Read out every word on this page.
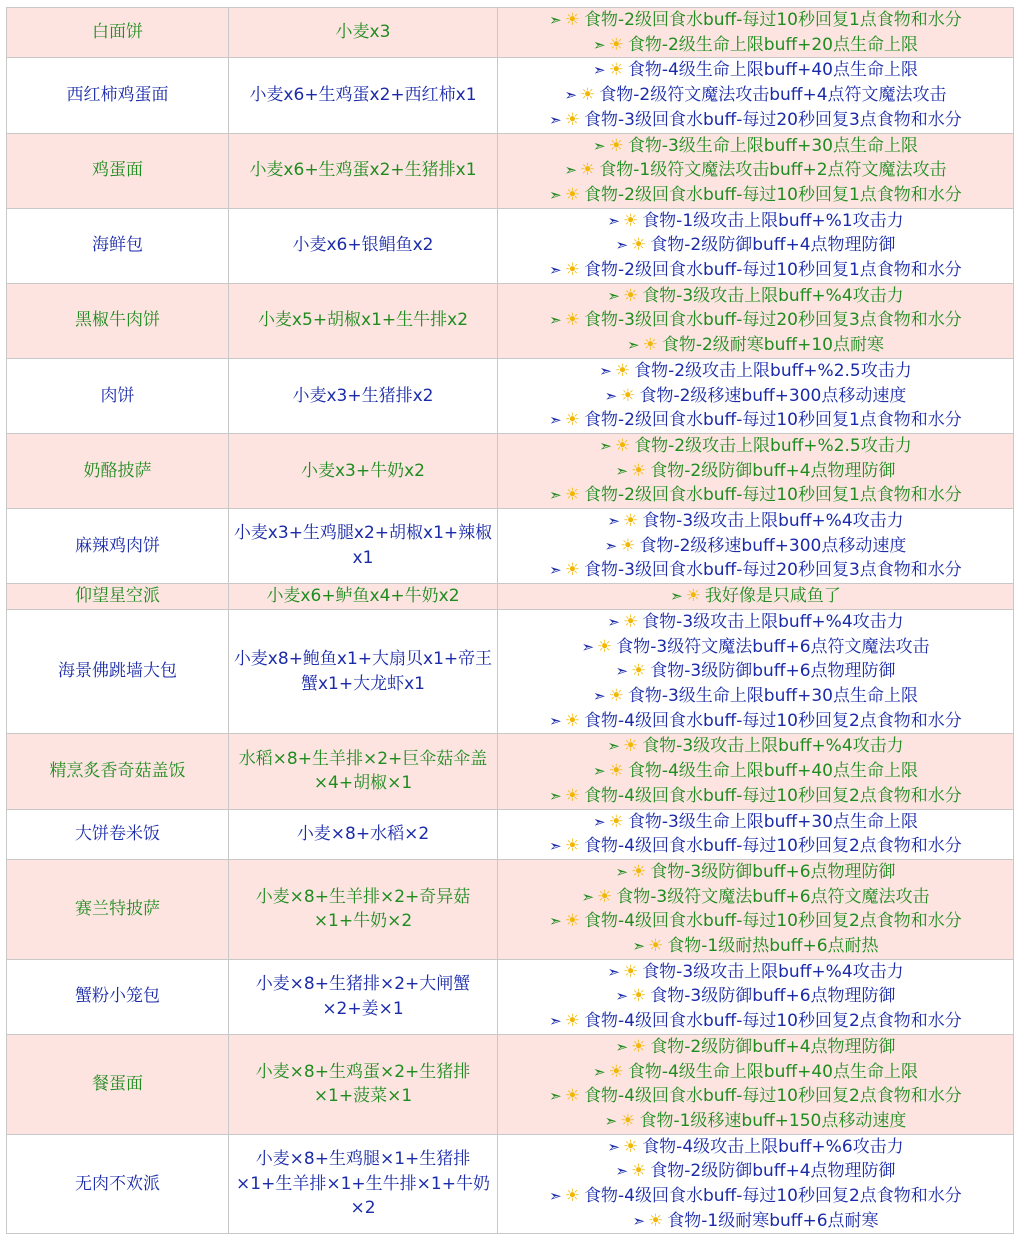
白面饼	小麦x3	➣ ☀ 食物-2级回食水buff-每过10秒回复1点食物和水分
➣ ☀ 食物-2级生命上限buff+20点生命上限

西红柿鸡蛋面	小麦x6+生鸡蛋x2+西红柿x1	➣ ☀ 食物-4级生命上限buff+40点生命上限
➣ ☀ 食物-2级符文魔法攻击buff+4点符文魔法攻击
➣ ☀ 食物-3级回食水buff-每过20秒回复3点食物和水分

鸡蛋面	小麦x6+生鸡蛋x2+生猪排x1	➣ ☀ 食物-3级生命上限buff+30点生命上限
➣ ☀ 食物-1级符文魔法攻击buff+2点符文魔法攻击
➣ ☀ 食物-2级回食水buff-每过10秒回复1点食物和水分

海鲜包	小麦x6+银鲳鱼x2	➣ ☀ 食物-1级攻击上限buff+%1攻击力
➣ ☀ 食物-2级防御buff+4点物理防御
➣ ☀ 食物-2级回食水buff-每过10秒回复1点食物和水分

黑椒牛肉饼	小麦x5+胡椒x1+生牛排x2	➣ ☀ 食物-3级攻击上限buff+%4攻击力
➣ ☀ 食物-3级回食水buff-每过20秒回复3点食物和水分
➣ ☀ 食物-2级耐寒buff+10点耐寒

肉饼	小麦x3+生猪排x2	➣ ☀ 食物-2级攻击上限buff+%2.5攻击力
➣ ☀ 食物-2级移速buff+300点移动速度
➣ ☀ 食物-2级回食水buff-每过10秒回复1点食物和水分

奶酪披萨	小麦x3+牛奶x2	➣ ☀ 食物-2级攻击上限buff+%2.5攻击力
➣ ☀ 食物-2级防御buff+4点物理防御
➣ ☀ 食物-2级回食水buff-每过10秒回复1点食物和水分

麻辣鸡肉饼	小麦x3+生鸡腿x2+胡椒x1+辣椒x1	➣ ☀ 食物-3级攻击上限buff+%4攻击力
➣ ☀ 食物-2级移速buff+300点移动速度
➣ ☀ 食物-3级回食水buff-每过20秒回复3点食物和水分

仰望星空派	小麦x6+鲈鱼x4+牛奶x2	➣ ☀ 我好像是只咸鱼了

海景佛跳墙大包	小麦x8+鲍鱼x1+大扇贝x1+帝王蟹x1+大龙虾x1	➣ ☀ 食物-3级攻击上限buff+%4攻击力
➣ ☀ 食物-3级符文魔法buff+6点符文魔法攻击
➣ ☀ 食物-3级防御buff+6点物理防御
➣ ☀ 食物-3级生命上限buff+30点生命上限
➣ ☀ 食物-4级回食水buff-每过10秒回复2点食物和水分

精烹炙香奇菇盖饭	水稻×8+生羊排×2+巨伞菇伞盖×4+胡椒×1	➣ ☀ 食物-3级攻击上限buff+%4攻击力
➣ ☀ 食物-4级生命上限buff+40点生命上限
➣ ☀ 食物-4级回食水buff-每过10秒回复2点食物和水分

大饼卷米饭	小麦×8+水稻×2	➣ ☀ 食物-3级生命上限buff+30点生命上限
➣ ☀ 食物-4级回食水buff-每过10秒回复2点食物和水分

赛兰特披萨	小麦×8+生羊排×2+奇异菇×1+牛奶×2	➣ ☀ 食物-3级防御buff+6点物理防御
➣ ☀ 食物-3级符文魔法buff+6点符文魔法攻击
➣ ☀ 食物-4级回食水buff-每过10秒回复2点食物和水分
➣ ☀ 食物-1级耐热buff+6点耐热

蟹粉小笼包	小麦×8+生猪排×2+大闸蟹×2+姜×1	➣ ☀ 食物-3级攻击上限buff+%4攻击力
➣ ☀ 食物-3级防御buff+6点物理防御
➣ ☀ 食物-4级回食水buff-每过10秒回复2点食物和水分

餐蛋面	小麦×8+生鸡蛋×2+生猪排×1+菠菜×1	➣ ☀ 食物-2级防御buff+4点物理防御
➣ ☀ 食物-4级生命上限buff+40点生命上限
➣ ☀ 食物-4级回食水buff-每过10秒回复2点食物和水分
➣ ☀ 食物-1级移速buff+150点移动速度

无肉不欢派	小麦×8+生鸡腿×1+生猪排×1+生羊排×1+生牛排×1+牛奶×2	➣ ☀ 食物-4级攻击上限buff+%6攻击力
➣ ☀ 食物-2级防御buff+4点物理防御
➣ ☀ 食物-4级回食水buff-每过10秒回复2点食物和水分
➣ ☀ 食物-1级耐寒buff+6点耐寒
